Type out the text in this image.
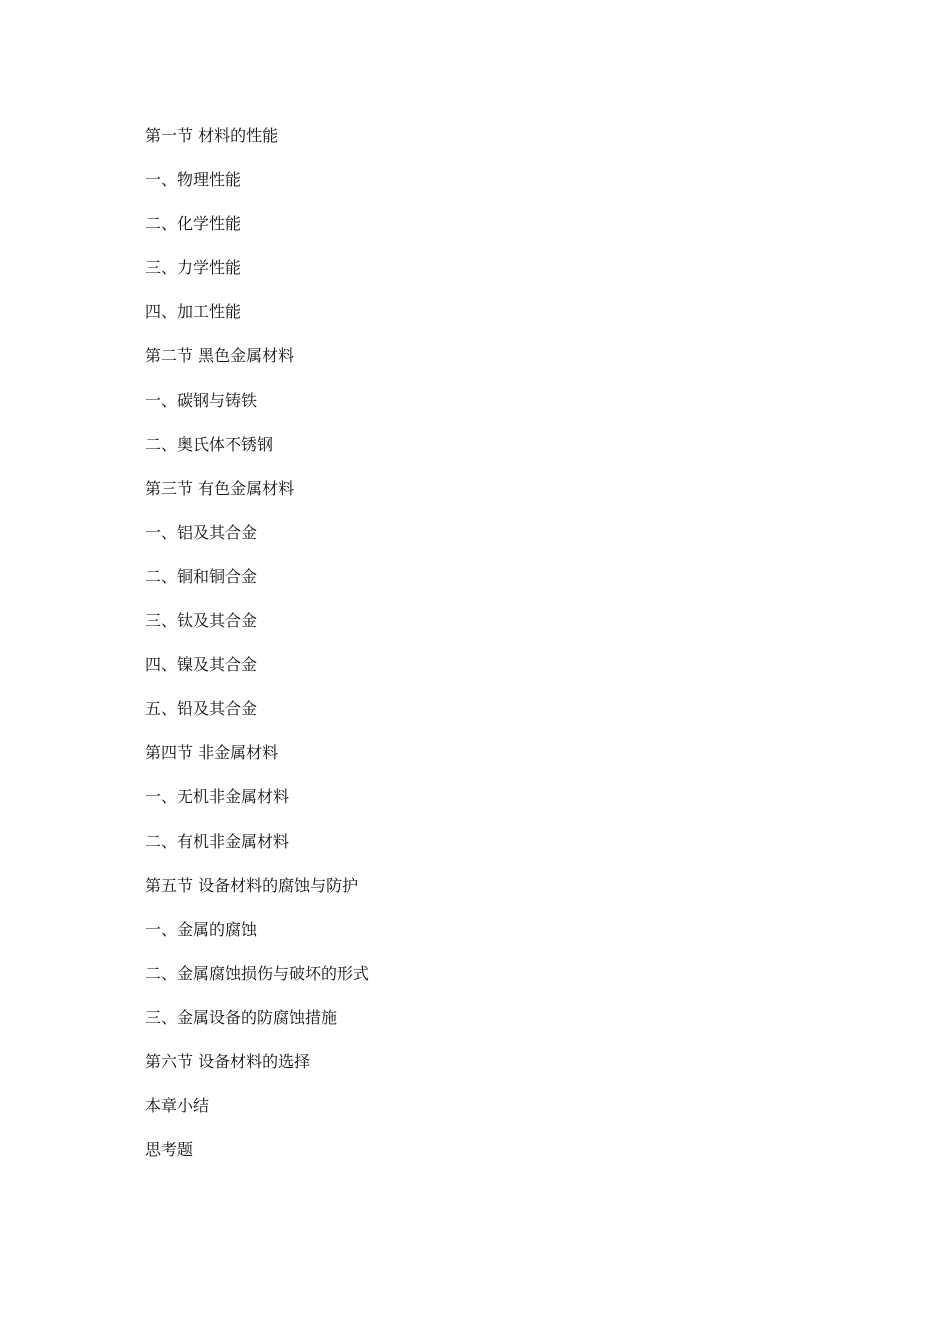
第一节 材料的性能
一、物理性能
二、化学性能
三、力学性能
四、加工性能
第二节 黑色金属材料
一、碳钢与铸铁
二、奥氏体不锈钢
第三节 有色金属材料
一、铝及其合金
二、铜和铜合金
三、钛及其合金
四、镍及其合金
五、铅及其合金
第四节 非金属材料
一、无机非金属材料
二、有机非金属材料
第五节 设备材料的腐蚀与防护
一、金属的腐蚀
二、金属腐蚀损伤与破坏的形式
三、金属设备的防腐蚀措施
第六节 设备材料的选择
本章小结
思考题
